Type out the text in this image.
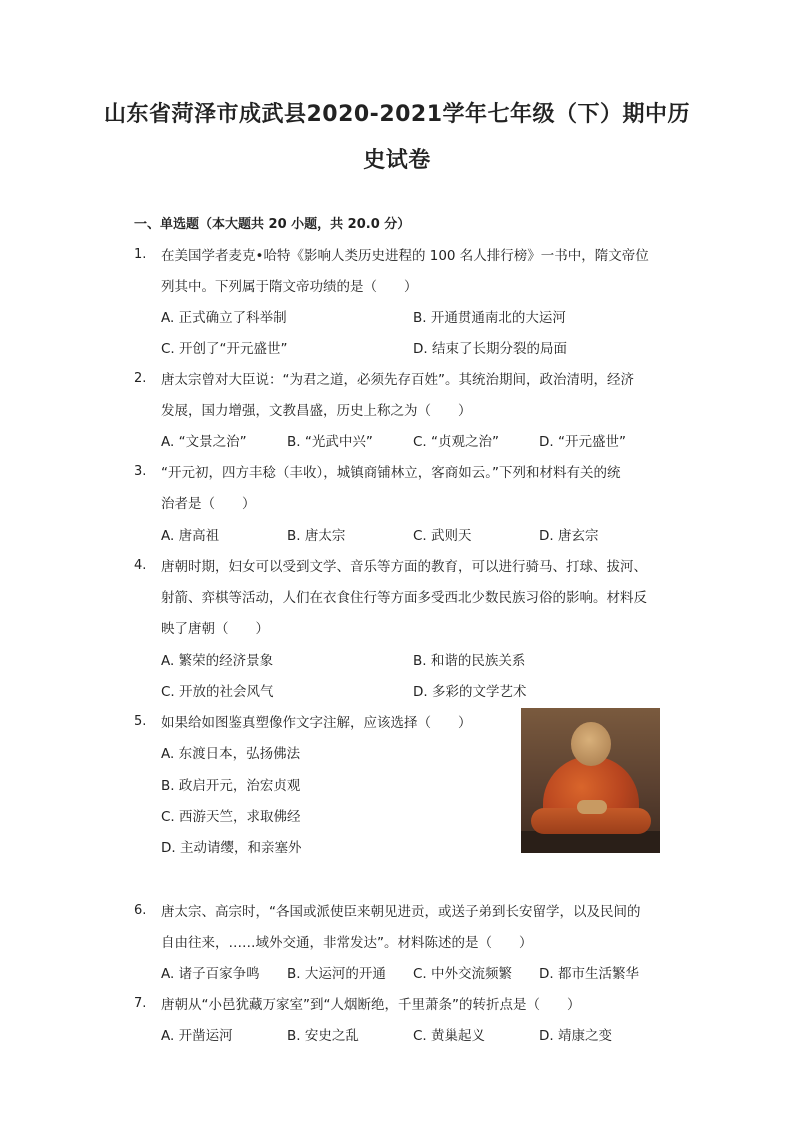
山东省菏泽市成武县2020-2021学年七年级（下）期中历
史试卷
一、单选题（本大题共 20 小题，共 20.0 分）
1. 在美国学者麦克•哈特《影响人类历史进程的 100 名人排行榜》一书中，隋文帝位
列其中。下列属于隋文帝功绩的是（　　）
A. 正式确立了科举制	B. 开通贯通南北的大运河
C. 开创了“开元盛世”	D. 结束了长期分裂的局面
2. 唐太宗曾对大臣说：“为君之道，必须先存百姓”。其统治期间，政治清明，经济
发展，国力增强，文教昌盛，历史上称之为（　　）
A. “文景之治”	B. “光武中兴”	C. “贞观之治”	D. “开元盛世”
3. “开元初，四方丰稔（丰收），城镇商铺林立，客商如云。”下列和材料有关的统
治者是（　　）
A. 唐高祖	B. 唐太宗	C. 武则天	D. 唐玄宗
4. 唐朝时期，妇女可以受到文学、音乐等方面的教育，可以进行骑马、打球、拔河、
射箭、弈棋等活动，人们在衣食住行等方面多受西北少数民族习俗的影响。材料反
映了唐朝（　　）
A. 繁荣的经济景象	B. 和谐的民族关系
C. 开放的社会风气	D. 多彩的文学艺术
5. 如果给如图鉴真塑像作文字注解，应该选择（　　）
A. 东渡日本，弘扬佛法
B. 政启开元，治宏贞观
C. 西游天竺，求取佛经
D. 主动请缨，和亲塞外
6. 唐太宗、高宗时，“各国或派使臣来朝见进贡，或送子弟到长安留学，以及民间的
自由往来，……域外交通，非常发达”。材料陈述的是（　　）
A. 诸子百家争鸣 B. 大运河的开通 C. 中外交流频繁 D. 都市生活繁华
7. 唐朝从“小邑犹藏万家室”到“人烟断绝，千里萧条”的转折点是（　　）
A. 开凿运河	B. 安史之乱	C. 黄巢起义	D. 靖康之变
